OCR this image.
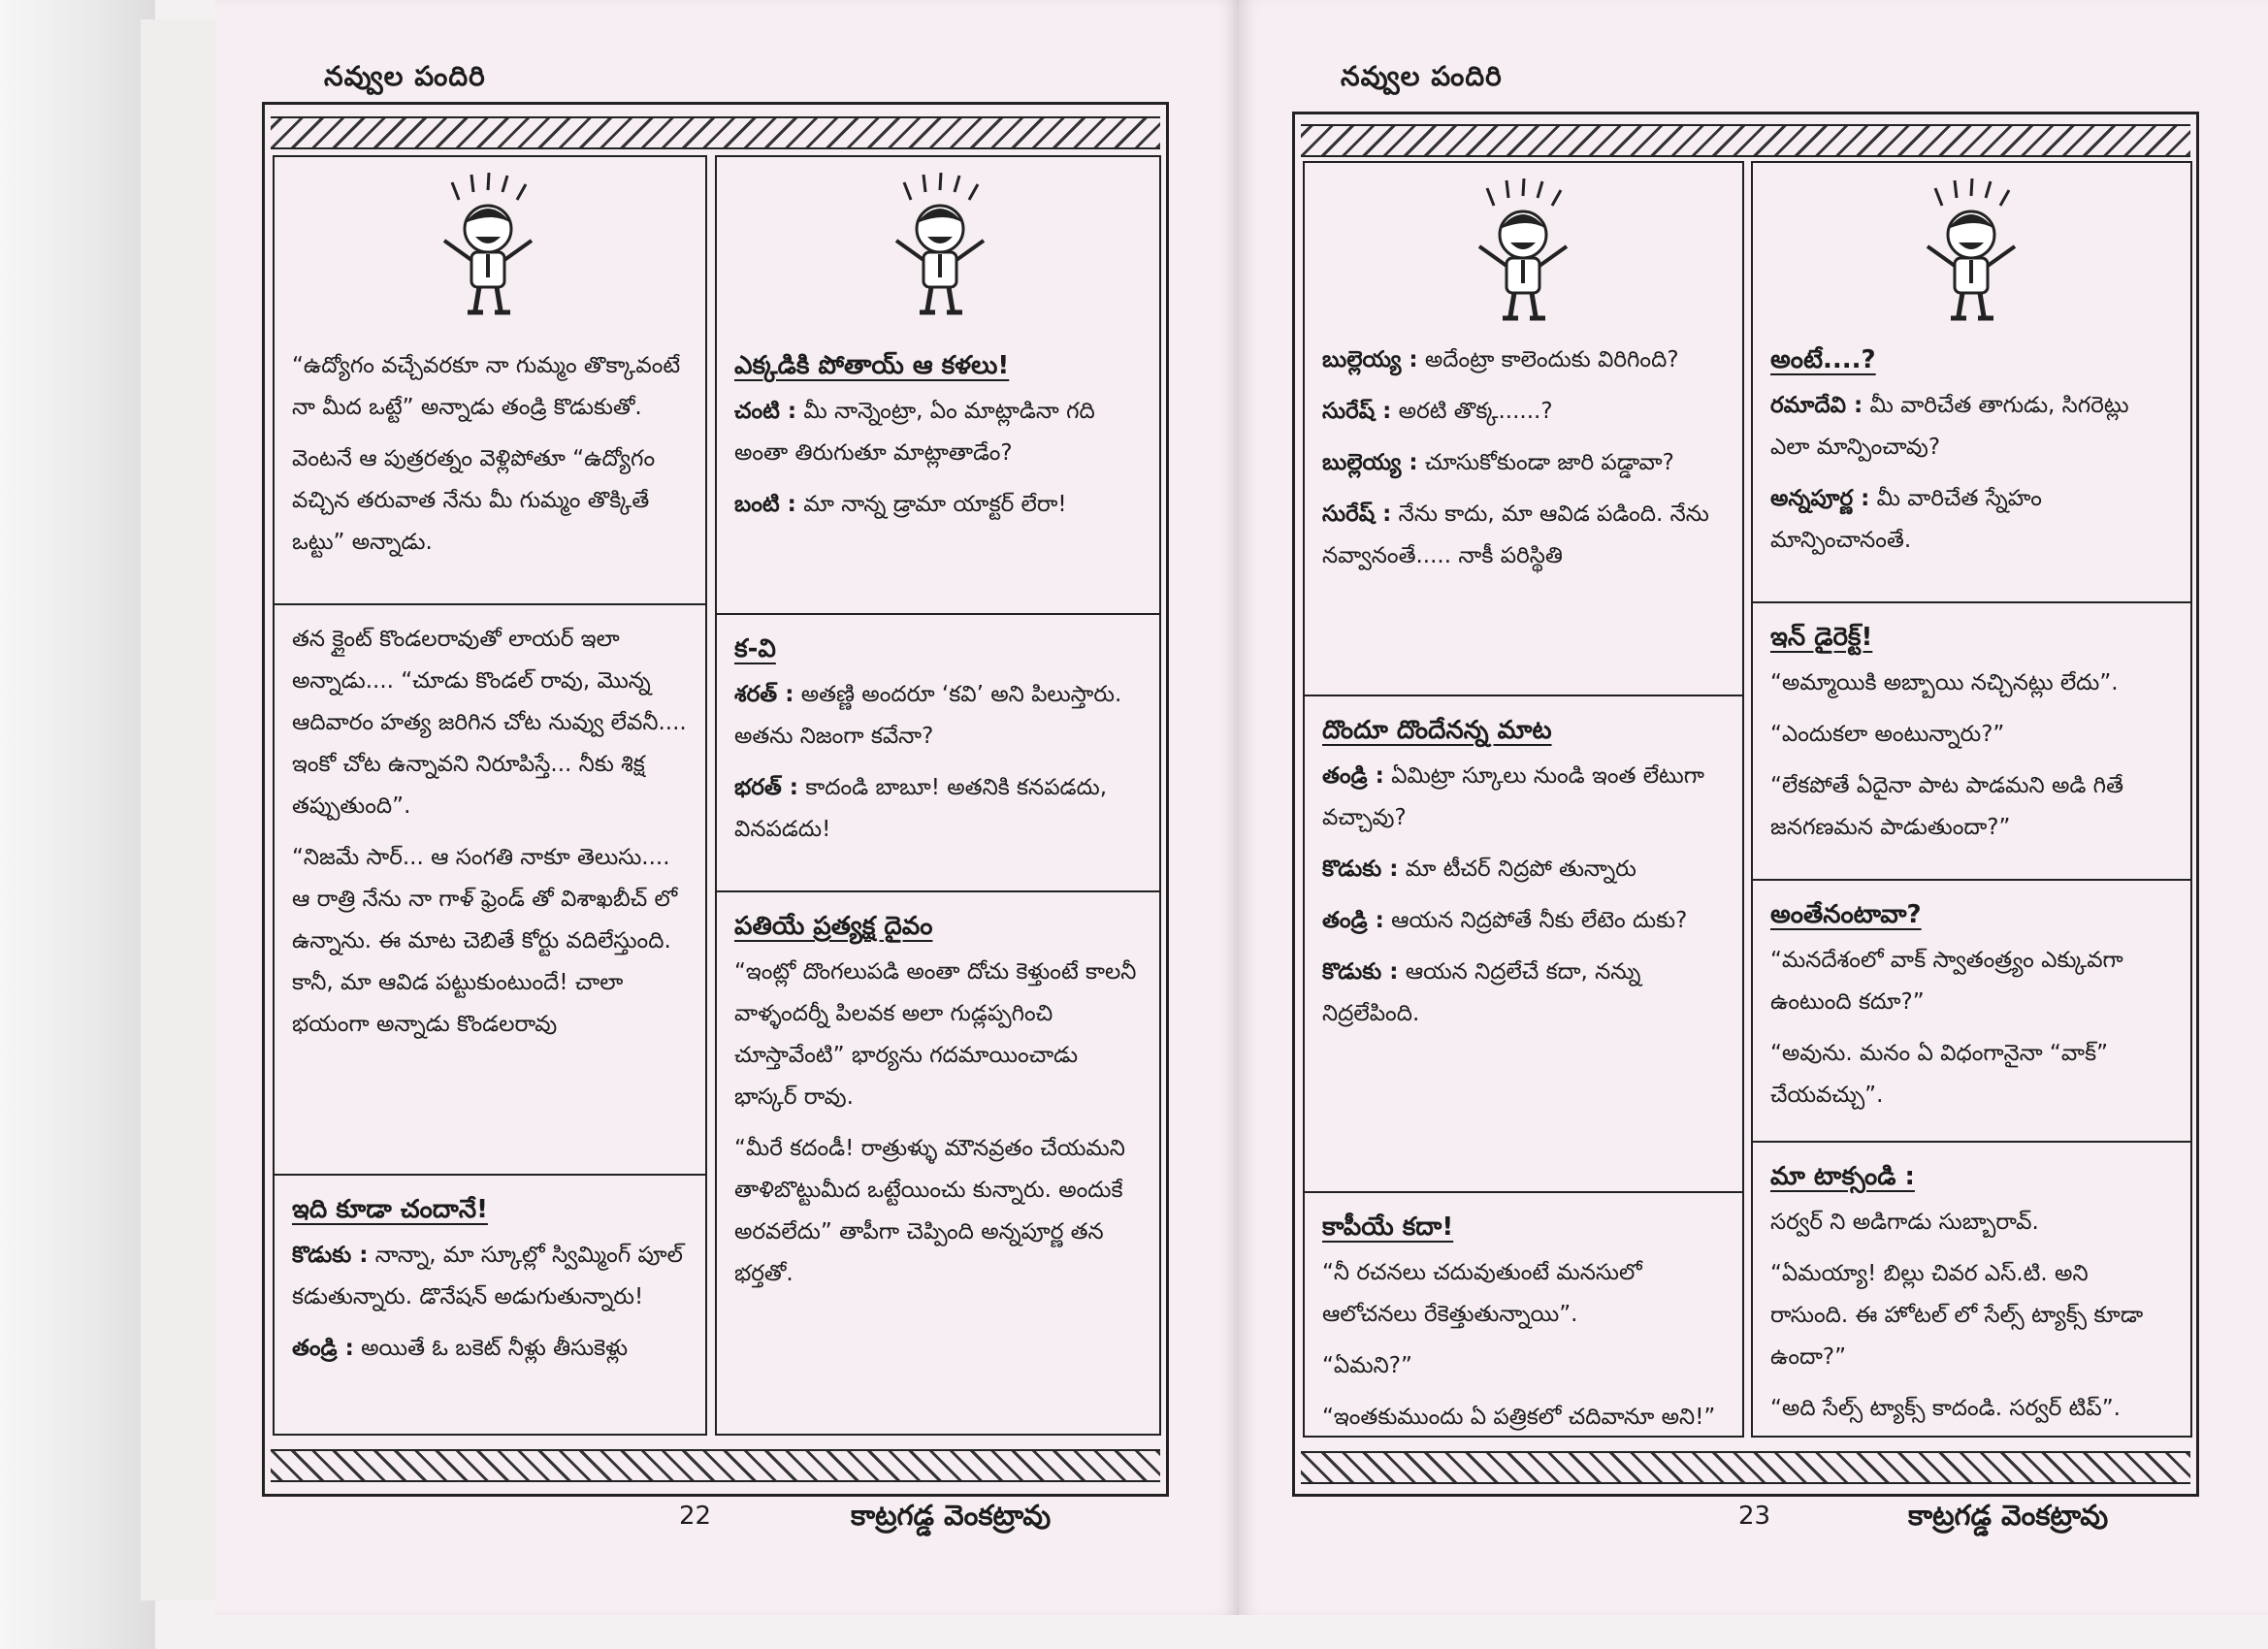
నవ్వుల పందిరి

“ఉద్యోగం వచ్చేవరకూ నా గుమ్మం తొక్కావంటే నా మీద ఒట్టే” అన్నాడు తండ్రి కొడుకుతో.

వెంటనే ఆ పుత్రరత్నం వెళ్లిపోతూ “ఉద్యోగం వచ్చిన తరువాత నేను మీ గుమ్మం తొక్కితే ఒట్టు” అన్నాడు.

తన క్లైంట్ కొండలరావుతో లాయర్ ఇలా అన్నాడు.... “చూడు కొండల్ రావు, మొన్న ఆదివారం హత్య జరిగిన చోట నువ్వు లేవనీ.... ఇంకో చోట ఉన్నావని నిరూపిస్తే... నీకు శిక్ష తప్పుతుంది”.

“నిజమే సార్... ఆ సంగతి నాకూ తెలుసు.... ఆ రాత్రి నేను నా గాళ్ ఫ్రెండ్ తో విశాఖబీచ్ లో ఉన్నాను. ఈ మాట చెబితే కోర్టు వదిలేస్తుంది. కానీ, మా ఆవిడ పట్టుకుంటుందే! చాలా భయంగా అన్నాడు కొండలరావు

ఇది కూడా చందానే!

కొడుకు : నాన్నా, మా స్కూల్లో స్విమ్మింగ్ పూల్ కడుతున్నారు. డొనేషన్ అడుగుతున్నారు!

తండ్రి : అయితే ఓ బకెట్ నీళ్లు తీసుకెళ్లు

ఎక్కడికి పోతాయ్ ఆ కళలు!

చంటి : మీ నాన్నెంట్రా, ఏం మాట్లాడినా గది అంతా తిరుగుతూ మాట్లాతాడేం?

బంటి : మా నాన్న డ్రామా యాక్టర్ లేరా!

క-వి

శరత్ : అతణ్ణి అందరూ ‘కవి’ అని పిలుస్తారు. అతను నిజంగా కవేనా?

భరత్ : కాదండి బాబూ! అతనికి కనపడదు, వినపడదు!

పతియే ప్రత్యక్ష దైవం

“ఇంట్లో దొంగలుపడి అంతా దోచు కెళ్తుంటే కాలనీ వాళ్ళందర్నీ పిలవక అలా గుడ్లప్పగించి చూస్తావేంటి” భార్యను గదమాయించాడు భాస్కర్ రావు.

“మీరే కదండీ! రాత్రుళ్ళు మౌనవ్రతం చేయమని తాళిబొట్టుమీద ఒట్టేయించు కున్నారు. అందుకే అరవలేదు” తాపీగా చెప్పింది అన్నపూర్ణ తన భర్తతో.

22	కాట్రగడ్డ వెంకట్రావు
నవ్వుల పందిరి

బుల్లెయ్య : అదేంట్రా కాలెందుకు విరిగింది?

సురేష్ : అరటి తొక్క......?

బుల్లెయ్య : చూసుకోకుండా జారి పడ్డావా?

సురేష్ : నేను కాదు, మా ఆవిడ పడింది. నేను నవ్వానంతే..... నాకీ పరిస్థితి

దొందూ దొందేనన్న మాట

తండ్రి : ఏమిట్రా స్కూలు నుండి ఇంత లేటుగా వచ్చావు?

కొడుకు : మా టీచర్ నిద్రపో తున్నారు

తండ్రి : ఆయన నిద్రపోతే నీకు లేటెం దుకు?

కొడుకు : ఆయన నిద్రలేచే కదా, నన్ను నిద్రలేపింది.

కాపీయే కదా!

“నీ రచనలు చదువుతుంటే మనసులో ఆలోచనలు రేకెత్తుతున్నాయి”.

“ఏమని?”

“ఇంతకుముందు ఏ పత్రికలో చదివానూ అని!”

అంటే....?

రమాదేవి : మీ వారిచేత తాగుడు, సిగరెట్లు ఎలా మాన్పించావు?

అన్నపూర్ణ : మీ వారిచేత స్నేహం మాన్పించానంతే.

ఇన్ డైరెక్ట్!

“అమ్మాయికి అబ్బాయి నచ్చినట్లు లేదు”.

“ఎందుకలా అంటున్నారు?”

“లేకపోతే ఏదైనా పాట పాడమని అడి గితే జనగణమన పాడుతుందా?”

అంతేనంటావా?

“మనదేశంలో వాక్ స్వాతంత్ర్యం ఎక్కువగా ఉంటుంది కదూ?”

“అవును. మనం ఏ విధంగానైనా “వాక్” చేయవచ్చు”.

మా టాక్సండి :

సర్వర్ ని అడిగాడు సుబ్బారావ్.

“ఏమయ్యా! బిల్లు చివర ఎస్.టి. అని రాసుంది. ఈ హోటల్ లో సేల్స్ ట్యాక్స్ కూడా ఉందా?”

“అది సేల్స్ ట్యాక్స్ కాదండి. సర్వర్ టిప్”.

23	కాట్రగడ్డ వెంకట్రావు
